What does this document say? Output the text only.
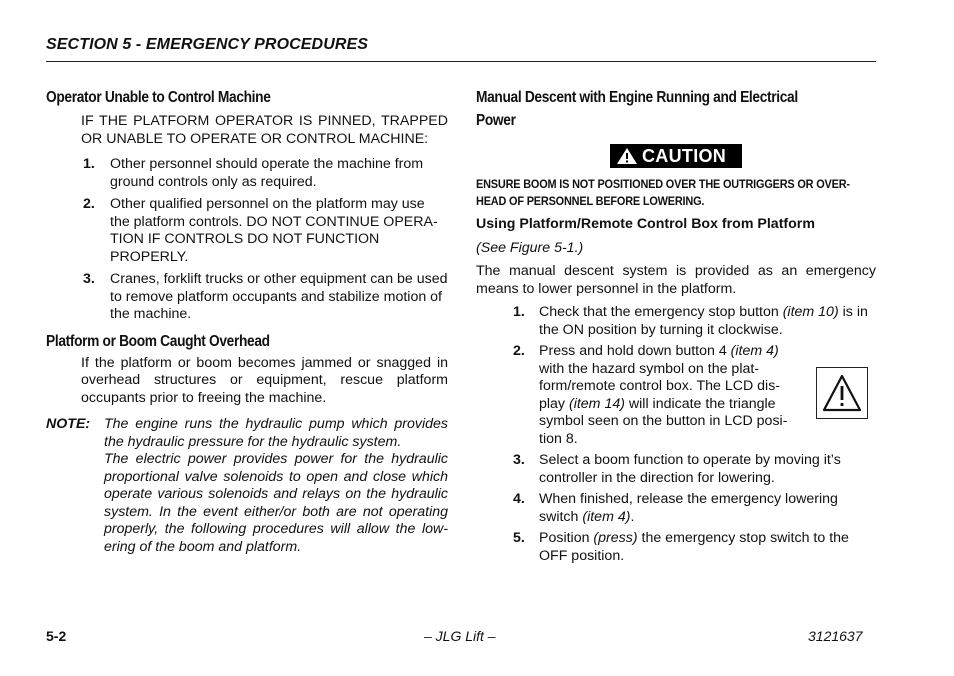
SECTION 5 - EMERGENCY PROCEDURES
Operator Unable to Control Machine
IF THE PLATFORM OPERATOR IS PINNED, TRAPPED OR UNABLE TO OPERATE OR CONTROL MACHINE:
1. Other personnel should operate the machine from ground controls only as required.
2. Other qualified personnel on the platform may use the platform controls. DO NOT CONTINUE OPERA-TION IF CONTROLS DO NOT FUNCTION PROPERLY.
3. Cranes, forklift trucks or other equipment can be used to remove platform occupants and stabilize motion of the machine.
Platform or Boom Caught Overhead
If the platform or boom becomes jammed or snagged in overhead structures or equipment, rescue platform occupants prior to freeing the machine.
NOTE: The engine runs the hydraulic pump which provides the hydraulic pressure for the hydraulic system.
The electric power provides power for the hydraulic proportional valve solenoids to open and close which operate various solenoids and relays on the hydraulic system. In the event either/or both are not operating properly, the following procedures will allow the low-ering of the boom and platform.
Manual Descent with Engine Running and Electrical
Power
CAUTION
ENSURE BOOM IS NOT POSITIONED OVER THE OUTRIGGERS OR OVER-HEAD OF PERSONNEL BEFORE LOWERING.
Using Platform/Remote Control Box from Platform
(See Figure 5-1.)
The manual descent system is provided as an emergency means to lower personnel in the platform.
1. Check that the emergency stop button (item 10) is in the ON position by turning it clockwise.
2. Press and hold down button 4 (item 4) with the hazard symbol on the plat-form/remote control box. The LCD dis-play (item 14) will indicate the triangle symbol seen on the button in LCD posi-tion 8.
3. Select a boom function to operate by moving it’s controller in the direction for lowering.
4. When finished, release the emergency lowering switch (item 4).
5. Position (press) the emergency stop switch to the OFF position.
5-2	– JLG Lift –	3121637
